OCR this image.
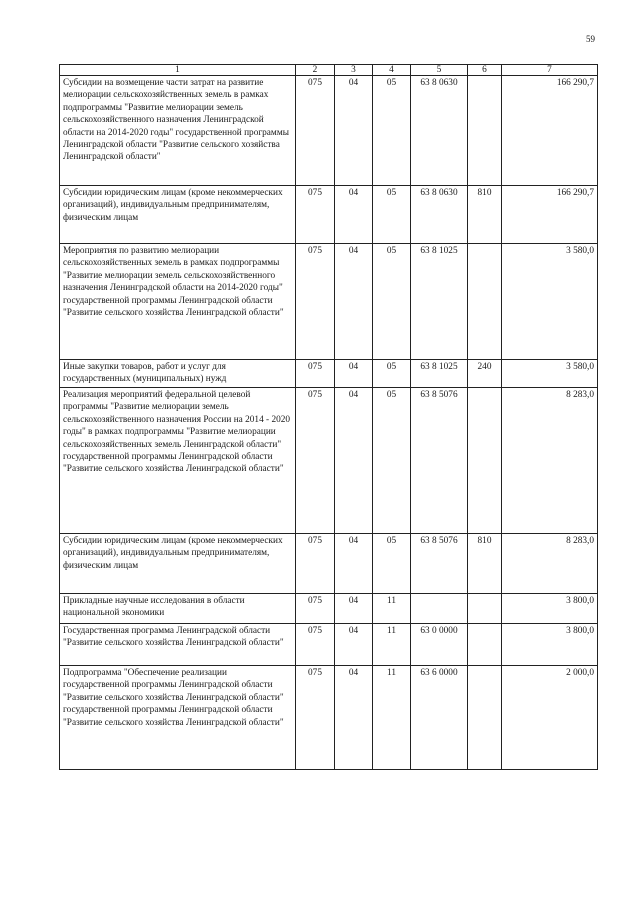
59
1	2	3	4	5	6	7
Субсидии на возмещение части затрат на развитие мелиорации сельскохозяйственных земель в рамках подпрограммы "Развитие мелиорации земель сельскохозяйственного назначения Ленинградской области на 2014-2020 годы" государственной программы Ленинградской области "Развитие сельского хозяйства Ленинградской области"	075	04	05	63 8 0630		166 290,7
Субсидии юридическим лицам (кроме некоммерческих организаций), индивидуальным предпринимателям, физическим лицам	075	04	05	63 8 0630	810	166 290,7
Мероприятия по развитию мелиорации сельскохозяйственных земель в рамках подпрограммы "Развитие мелиорации земель сельскохозяйственного назначения Ленинградской области на 2014-2020 годы" государственной программы Ленинградской области "Развитие сельского хозяйства Ленинградской области"	075	04	05	63 8 1025		3 580,0
Иные закупки товаров, работ и услуг для государственных (муниципальных) нужд	075	04	05	63 8 1025	240	3 580,0
Реализация мероприятий федеральной целевой программы "Развитие мелиорации земель сельскохозяйственного назначения России на 2014 - 2020 годы" в рамках подпрограммы "Развитие мелиорации сельскохозяйственных земель Ленинградской области" государственной программы Ленинградской области "Развитие сельского хозяйства Ленинградской области"	075	04	05	63 8 5076		8 283,0
Субсидии юридическим лицам (кроме некоммерческих организаций), индивидуальным предпринимателям, физическим лицам	075	04	05	63 8 5076	810	8 283,0
Прикладные научные исследования в области национальной экономики	075	04	11			3 800,0
Государственная программа Ленинградской области "Развитие сельского хозяйства Ленинградской области"	075	04	11	63 0 0000		3 800,0
Подпрограмма "Обеспечение реализации государственной программы Ленинградской области "Развитие сельского хозяйства Ленинградской области" государственной программы Ленинградской области "Развитие сельского хозяйства Ленинградской области"	075	04	11	63 6 0000		2 000,0
